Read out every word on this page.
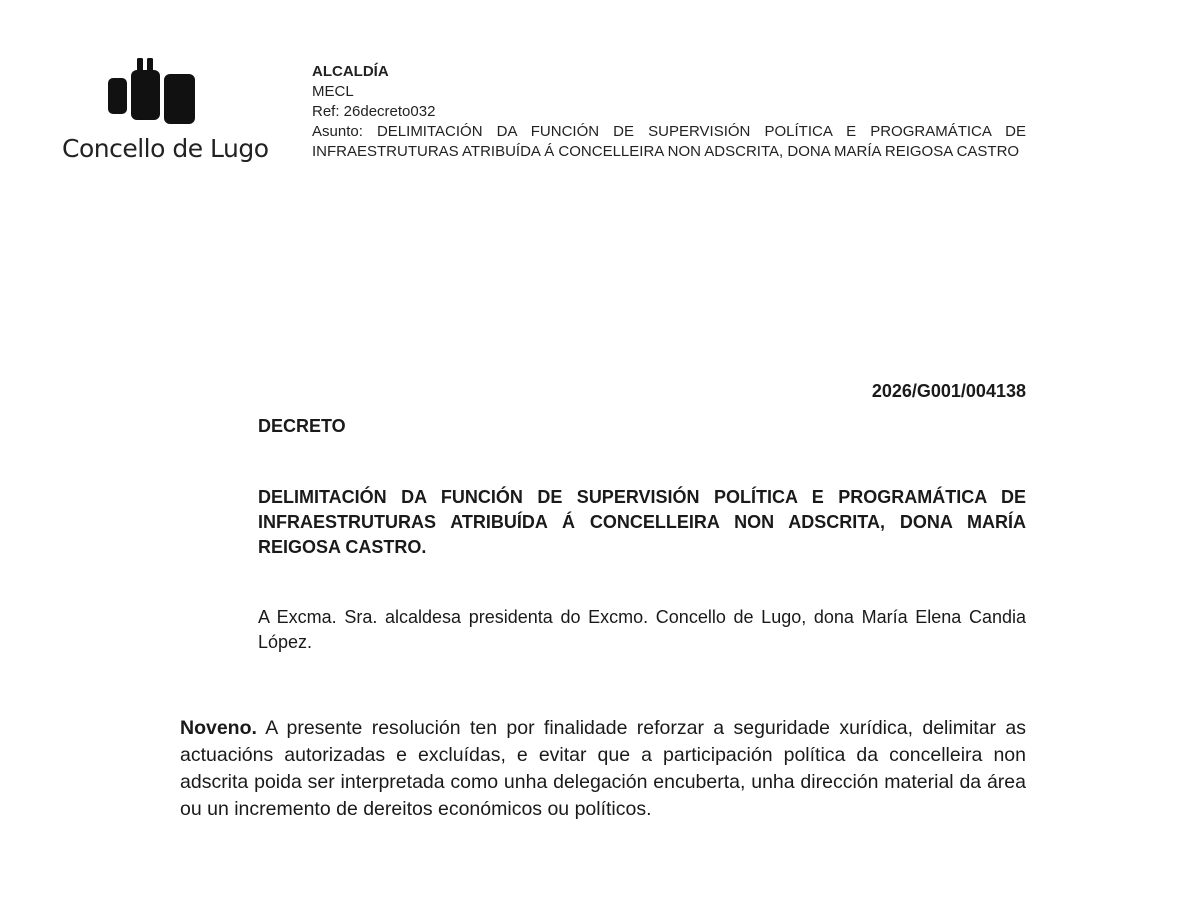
Concello de Lugo
ALCALDÍA
MECL
Ref: 26decreto032
Asunto: DELIMITACIÓN DA FUNCIÓN DE SUPERVISIÓN POLÍTICA E PROGRAMÁTICA DE INFRAESTRUTURAS ATRIBUÍDA Á CONCELLEIRA NON ADSCRITA, DONA MARÍA REIGOSA CASTRO
2026/G001/004138
DECRETO
DELIMITACIÓN DA FUNCIÓN DE SUPERVISIÓN POLÍTICA E PROGRAMÁTICA DE INFRAESTRUTURAS ATRIBUÍDA Á CONCELLEIRA NON ADSCRITA, DONA MARÍA REIGOSA CASTRO.
A Excma. Sra. alcaldesa presidenta do Excmo. Concello de Lugo, dona María Elena Candia López.
Noveno. A presente resolución ten por finalidade reforzar a seguridade xurídica, delimitar as actuacións autorizadas e excluídas, e evitar que a participación política da concelleira non adscrita poida ser interpretada como unha delegación encuberta, unha dirección material da área ou un incremento de dereitos económicos ou políticos.
